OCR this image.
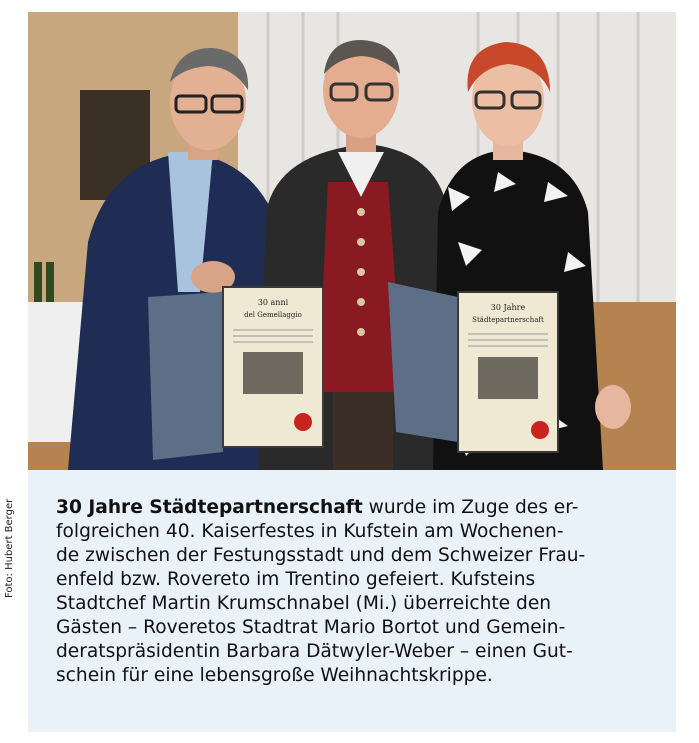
Foto: Hubert Berger
30 anni
del Gemellaggio
30 Jahre
Städtepartnerschaft

30 Jahre Städtepartnerschaft wurde im Zuge des er-
folgreichen 40. Kaiserfestes in Kufstein am Wochenen-
de zwischen der Festungsstadt und dem Schweizer Frau-
enfeld bzw. Rovereto im Trentino gefeiert. Kufsteins
Stadtchef Martin Krumschnabel (Mi.) überreichte den
Gästen – Roveretos Stadtrat Mario Bortot und Gemein-
deratspräsidentin Barbara Dätwyler-Weber – einen Gut-
schein für eine lebensgroße Weihnachtskrippe.
